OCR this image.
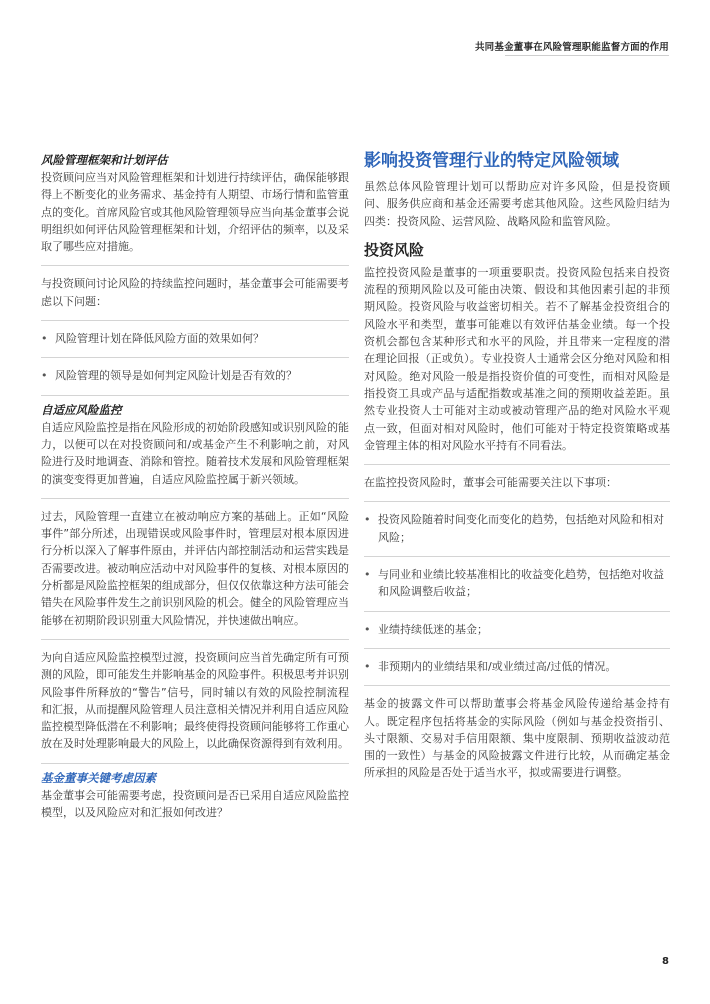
共同基金董事在风险管理职能监督方面的作用
风险管理框架和计划评估
投资顾问应当对风险管理框架和计划进行持续评估，确保能够跟得上不断变化的业务需求、基金持有人期望、市场行情和监管重点的变化。首席风险官或其他风险管理领导应当向基金董事会说明组织如何评估风险管理框架和计划，介绍评估的频率，以及采取了哪些应对措施。
与投资顾问讨论风险的持续监控问题时，基金董事会可能需要考虑以下问题：
• 风险管理计划在降低风险方面的效果如何？
• 风险管理的领导是如何判定风险计划是否有效的？
自适应风险监控
自适应风险监控是指在风险形成的初始阶段感知或识别风险的能力，以便可以在对投资顾问和/或基金产生不利影响之前，对风险进行及时地调查、消除和管控。随着技术发展和风险管理框架的演变变得更加普遍，自适应风险监控属于新兴领域。
过去，风险管理一直建立在被动响应方案的基础上。正如“风险事件”部分所述，出现错误或风险事件时，管理层对根本原因进行分析以深入了解事件原由，并评估内部控制活动和运营实践是否需要改进。被动响应活动中对风险事件的复核、对根本原因的分析都是风险监控框架的组成部分，但仅仅依靠这种方法可能会错失在风险事件发生之前识别风险的机会。健全的风险管理应当能够在初期阶段识别重大风险情况，并快速做出响应。
为向自适应风险监控模型过渡，投资顾问应当首先确定所有可预测的风险，即可能发生并影响基金的风险事件。积极思考并识别风险事件所释放的“警告”信号，同时辅以有效的风险控制流程和汇报，从而提醒风险管理人员注意相关情况并利用自适应风险监控模型降低潜在不利影响；最终使得投资顾问能够将工作重心放在及时处理影响最大的风险上，以此确保资源得到有效利用。
基金董事关键考虑因素
基金董事会可能需要考虑，投资顾问是否已采用自适应风险监控模型，以及风险应对和汇报如何改进？
影响投资管理行业的特定风险领域
虽然总体风险管理计划可以帮助应对许多风险，但是投资顾问、服务供应商和基金还需要考虑其他风险。这些风险归结为四类：投资风险、运营风险、战略风险和监管风险。
投资风险
监控投资风险是董事的一项重要职责。投资风险包括来自投资流程的预期风险以及可能由决策、假设和其他因素引起的非预期风险。投资风险与收益密切相关。若不了解基金投资组合的风险水平和类型，董事可能难以有效评估基金业绩。每一个投资机会都包含某种形式和水平的风险，并且带来一定程度的潜在理论回报（正或负）。专业投资人士通常会区分绝对风险和相对风险。绝对风险一般是指投资价值的可变性，而相对风险是指投资工具或产品与适配指数或基准之间的预期收益差距。虽然专业投资人士可能对主动或被动管理产品的绝对风险水平观点一致，但面对相对风险时，他们可能对于特定投资策略或基金管理主体的相对风险水平持有不同看法。
在监控投资风险时，董事会可能需要关注以下事项：
• 投资风险随着时间变化而变化的趋势，包括绝对风险和相对风险；
• 与同业和业绩比较基准相比的收益变化趋势，包括绝对收益和风险调整后收益；
• 业绩持续低迷的基金；
• 非预期内的业绩结果和/或业绩过高/过低的情况。
基金的披露文件可以帮助董事会将基金风险传递给基金持有人。既定程序包括将基金的实际风险（例如与基金投资指引、头寸限额、交易对手信用限额、集中度限制、预期收益波动范围的一致性）与基金的风险披露文件进行比较，从而确定基金所承担的风险是否处于适当水平，拟或需要进行调整。
8
